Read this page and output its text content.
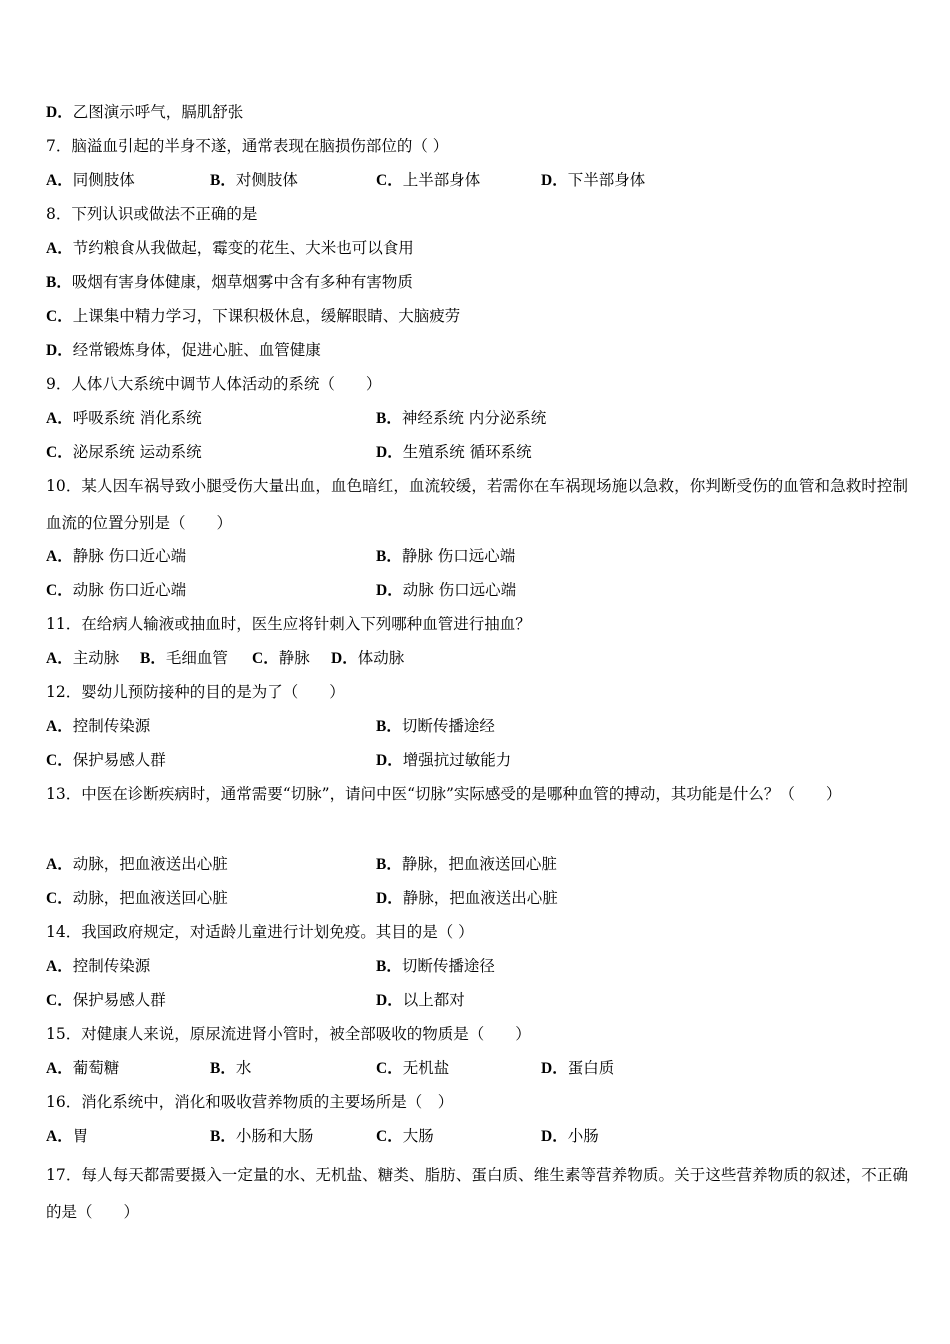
D．乙图演示呼气，膈肌舒张
7．脑溢血引起的半身不遂，通常表现在脑损伤部位的（ ）
A．同侧肢体	B．对侧肢体	C．上半部身体	D．下半部身体
8．下列认识或做法不正确的是
A．节约粮食从我做起，霉变的花生、大米也可以食用
B．吸烟有害身体健康，烟草烟雾中含有多种有害物质
C．上课集中精力学习，下课积极休息，缓解眼睛、大脑疲劳
D．经常锻炼身体，促进心脏、血管健康
9．人体八大系统中调节人体活动的系统（　　）
A．呼吸系统 消化系统	B．神经系统 内分泌系统
C．泌尿系统 运动系统	D．生殖系统 循环系统
10．某人因车祸导致小腿受伤大量出血，血色暗红，血流较缓，若需你在车祸现场施以急救，你判断受伤的血管和急救时控制血流的位置分别是（　　）
A．静脉 伤口近心端	B．静脉 伤口远心端
C．动脉 伤口近心端	D．动脉 伤口远心端
11．在给病人输液或抽血时，医生应将针刺入下列哪种血管进行抽血？
A．主动脉 B．毛细血管 C．静脉 D．体动脉
12．婴幼儿预防接种的目的是为了（　　）
A．控制传染源	B．切断传播途经
C．保护易感人群	D．增强抗过敏能力
13．中医在诊断疾病时，通常需要“切脉”，请问中医“切脉”实际感受的是哪种血管的搏动，其功能是什么？（　　）
A．动脉，把血液送出心脏	B．静脉，把血液送回心脏
C．动脉，把血液送回心脏	D．静脉，把血液送出心脏
14．我国政府规定，对适龄儿童进行计划免疫。其目的是（ ）
A．控制传染源	B．切断传播途径
C．保护易感人群	D．以上都对
15．对健康人来说，原尿流进肾小管时，被全部吸收的物质是（　　）
A．葡萄糖	B．水	C．无机盐	D．蛋白质
16．消化系统中，消化和吸收营养物质的主要场所是（　）
A．胃	B．小肠和大肠	C．大肠	D．小肠
17．每人每天都需要摄入一定量的水、无机盐、糖类、脂肪、蛋白质、维生素等营养物质。关于这些营养物质的叙述，不正确的是（　　）
